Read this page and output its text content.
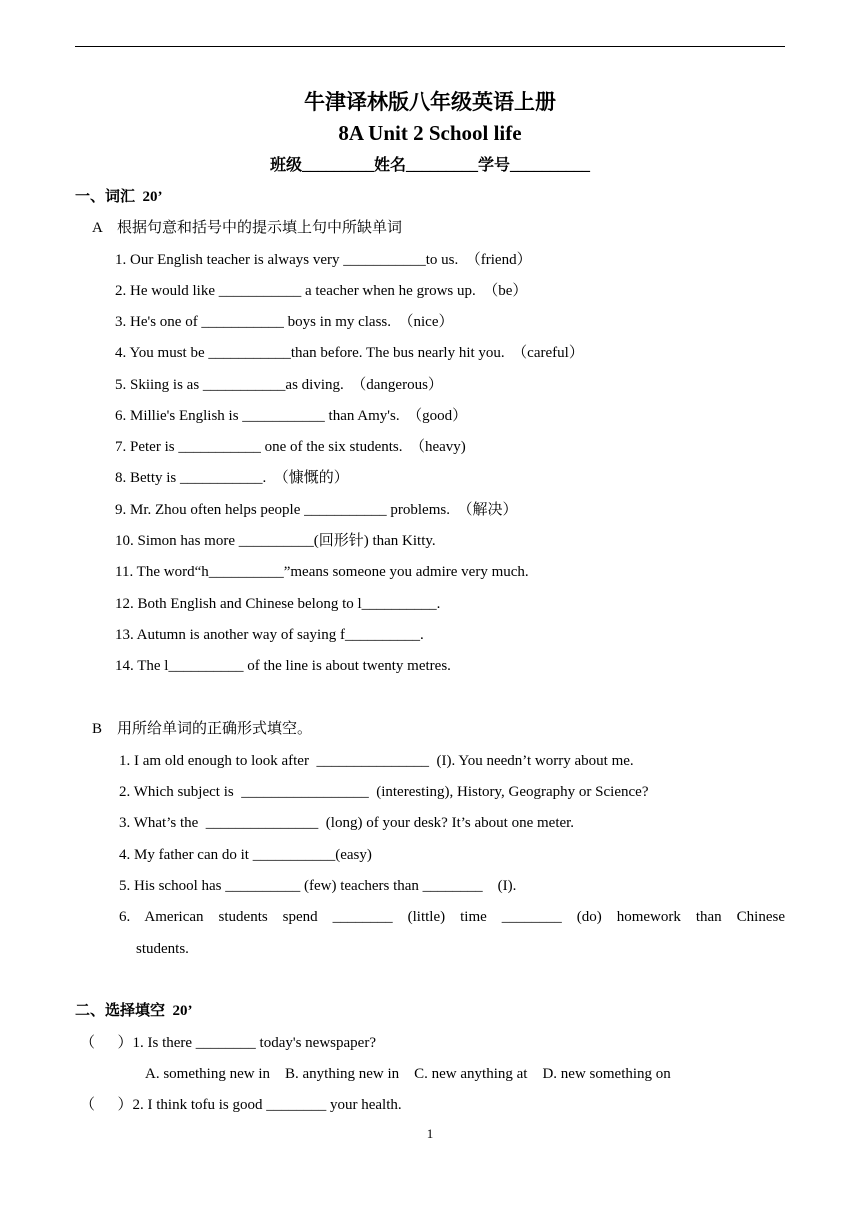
牛津译林版八年级英语上册
8A Unit 2 School life
班级_________姓名_________学号__________
一、词汇  20’
A    根据句意和括号中的提示填上句中所缺单词
1. Our English teacher is always very ___________to us.  （friend）
2. He would like ___________ a teacher when he grows up.  （be）
3. He's one of ___________ boys in my class.  （nice）
4. You must be ___________than before. The bus nearly hit you.  （careful）
5. Skiing is as ___________as diving.  （dangerous）
6. Millie's English is ___________ than Amy's.  （good）
7. Peter is ___________ one of the six students.  （heavy)
8. Betty is ___________.  （慷慨的）
9. Mr. Zhou often helps people ___________ problems.  （解决）
10. Simon has more __________(回形针) than Kitty.
11. The word“h__________”means someone you admire very much.
12. Both English and Chinese belong to l__________.
13. Autumn is another way of saying f__________.
14. The l__________ of the line is about twenty metres.
B    用所给单词的正确形式填空。
1. I am old enough to look after  _______________  (I). You needn’t worry about me.
2. Which subject is  _________________  (interesting), History, Geography or Science?
3. What’s the  _______________  (long) of your desk? It’s about one meter.
4. My father can do it ___________(easy)
5. His school has __________ (few) teachers than ________    (I).
6. American students spend ________ (little) time ________ (do) homework than Chinese
students.
二、选择填空  20’
（      ）1. Is there ________ today's newspaper?
A. something new in    B. anything new in    C. new anything at    D. new something on
（      ）2. I think tofu is good ________ your health.
1
